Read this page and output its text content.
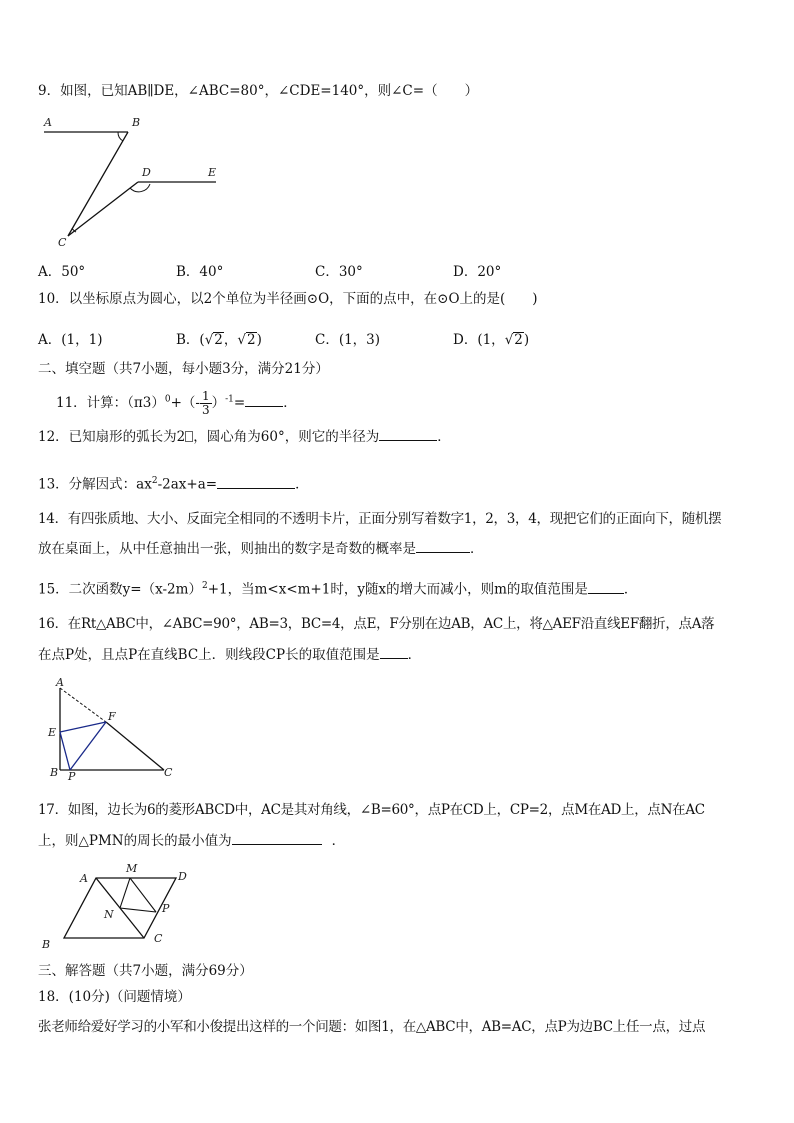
9．如图，已知AB∥DE，∠ABC=80°，∠CDE=140°，则∠C=（　　）
A	B
D	E
C
A．50°	B．40°	C．30°	D．20°
10．以坐标原点为圆心，以2个单位为半径画⊙O，下面的点中，在⊙O上的是(　　)
A．(1，1)	B．(√2，√2)	C．(1，3)	D．(1，√2)
二、填空题（共7小题，每小题3分，满分21分）
11．计算：$(\pi 3)^0+(- \frac{1}{3} )^{-1}=$	．
12．已知扇形的弧长为2 ，圆心角为60°，则它的半径为	．
13．分解因式：$ax^2-2ax+a=$	．
14．有四张质地、大小、反面完全相同的不透明卡片，正面分别写着数字1，2，3，4，现把它们的正面向下，随机摆
放在桌面上，从中任意抽出一张，则抽出的数字是奇数的概率是	．
15．二次函数$y=(x-2m)^2+1$，当m<x<m+1时，y随x的增大而减小，则m的取值范围是	．
16．在Rt△ABC中，∠ABC=90°，AB=3，BC=4，点E，F分别在边AB，AC上，将△AEF沿直线EF翻折，点A落
在点P处，且点P在直线BC上．则线段CP长的取值范围是 ．
A
F
E
B P	C
17．如图，边长为6的菱形ABCD中，AC是其对角线，∠B=60°，点P在CD上，CP=2，点M在AD上，点N在AC
上，则△PMN的周长的最小值为	．
A
M
D
N	P
B	C
三、解答题（共7小题，满分69分）
18．(10分)（问题情境）
张老师给爱好学习的小军和小俊提出这样的一个问题：如图1，在△ABC中，AB=AC，点P为边BC上任一点，过点
